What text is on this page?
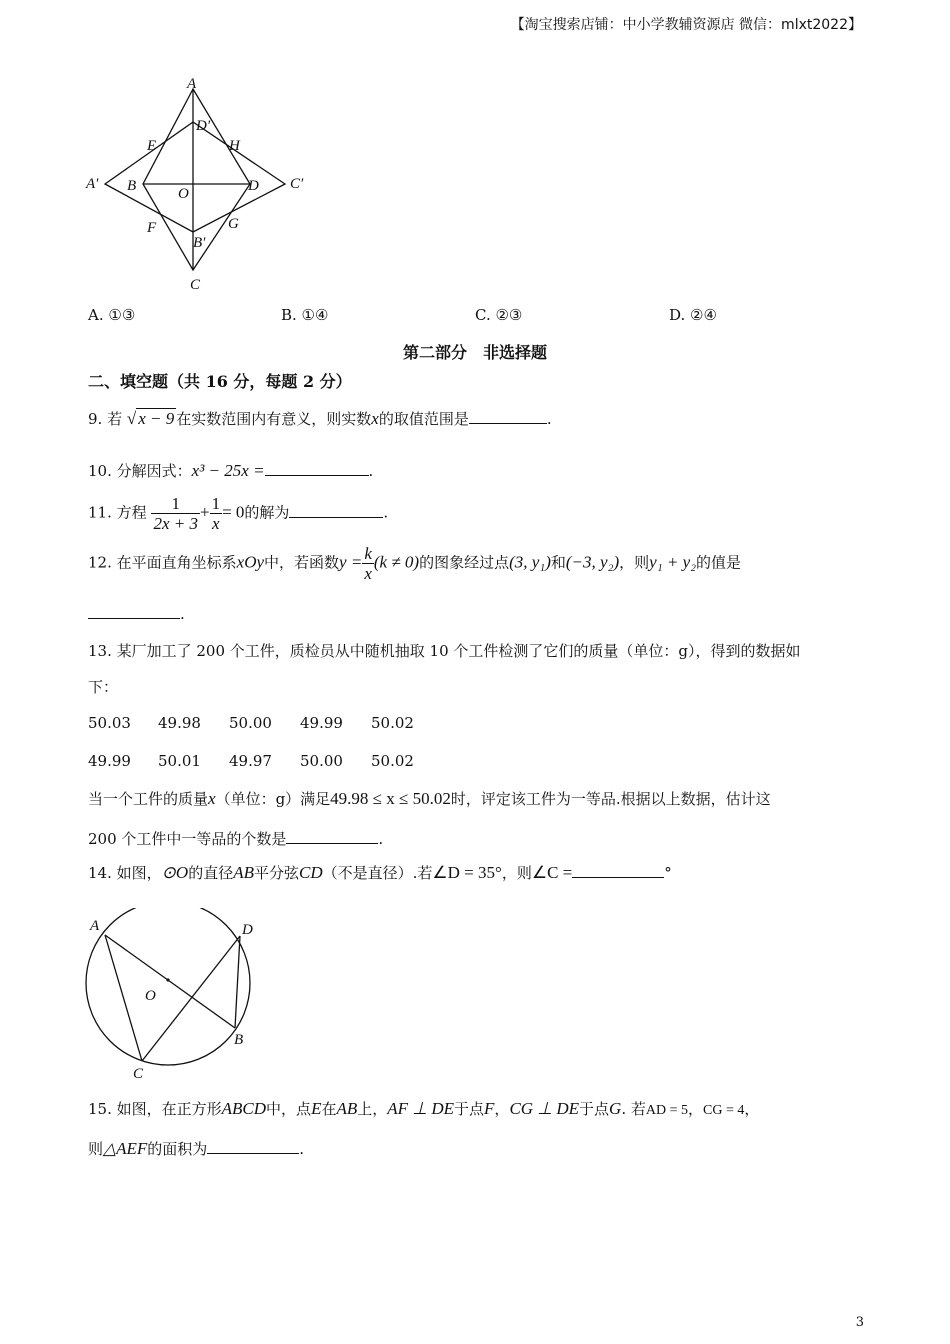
【淘宝搜索店铺：中小学教辅资源店 微信：mlxt2022】
A
D′
E	H
A′ B	O	D C′
F	G
B′
C
A. ①③	B. ①④	C. ②③	D. ②④
第二部分　非选择题
二、填空题（共 16 分，每题 2 分）
9. 若 √ x − 9 在实数范围内有意义，则实数x的取值范围是	.
10. 分解因式：x³ − 25x =	.
11. 方程 $\frac{1}{2x + 3} + \frac{1}{x} = 0$的解为	.
12. 在平面直角坐标系xOy中，若函数$y = \frac{k}{x} (k \ne 0)$的图象经过点(3, y₁)和(−3, y₂)，则y₁ + y₂的值是
.
13. 某厂加工了 200 个工件，质检员从中随机抽取 10 个工件检测了它们的质量（单位：g），得到的数据如
下：
50.03 49.98 50.00 49.99 50.02
49.99 50.01 49.97 50.00 50.02
当一个工件的质量x（单位：g）满足49.98 ≤ x ≤ 50.02时，评定该工件为一等品.根据以上数据，估计这
200 个工件中一等品的个数是	.
14. 如图，⊙O的直径AB平分弦CD（不是直径）.若∠D = 35°，则∠C =	°
A	D
O
B
C
15. 如图，在正方形ABCD中，点E在AB上，AF ⊥ DE于点F，CG ⊥ DE于点G. 若AD = 5，CG = 4，
则△AEF的面积为	.
3
